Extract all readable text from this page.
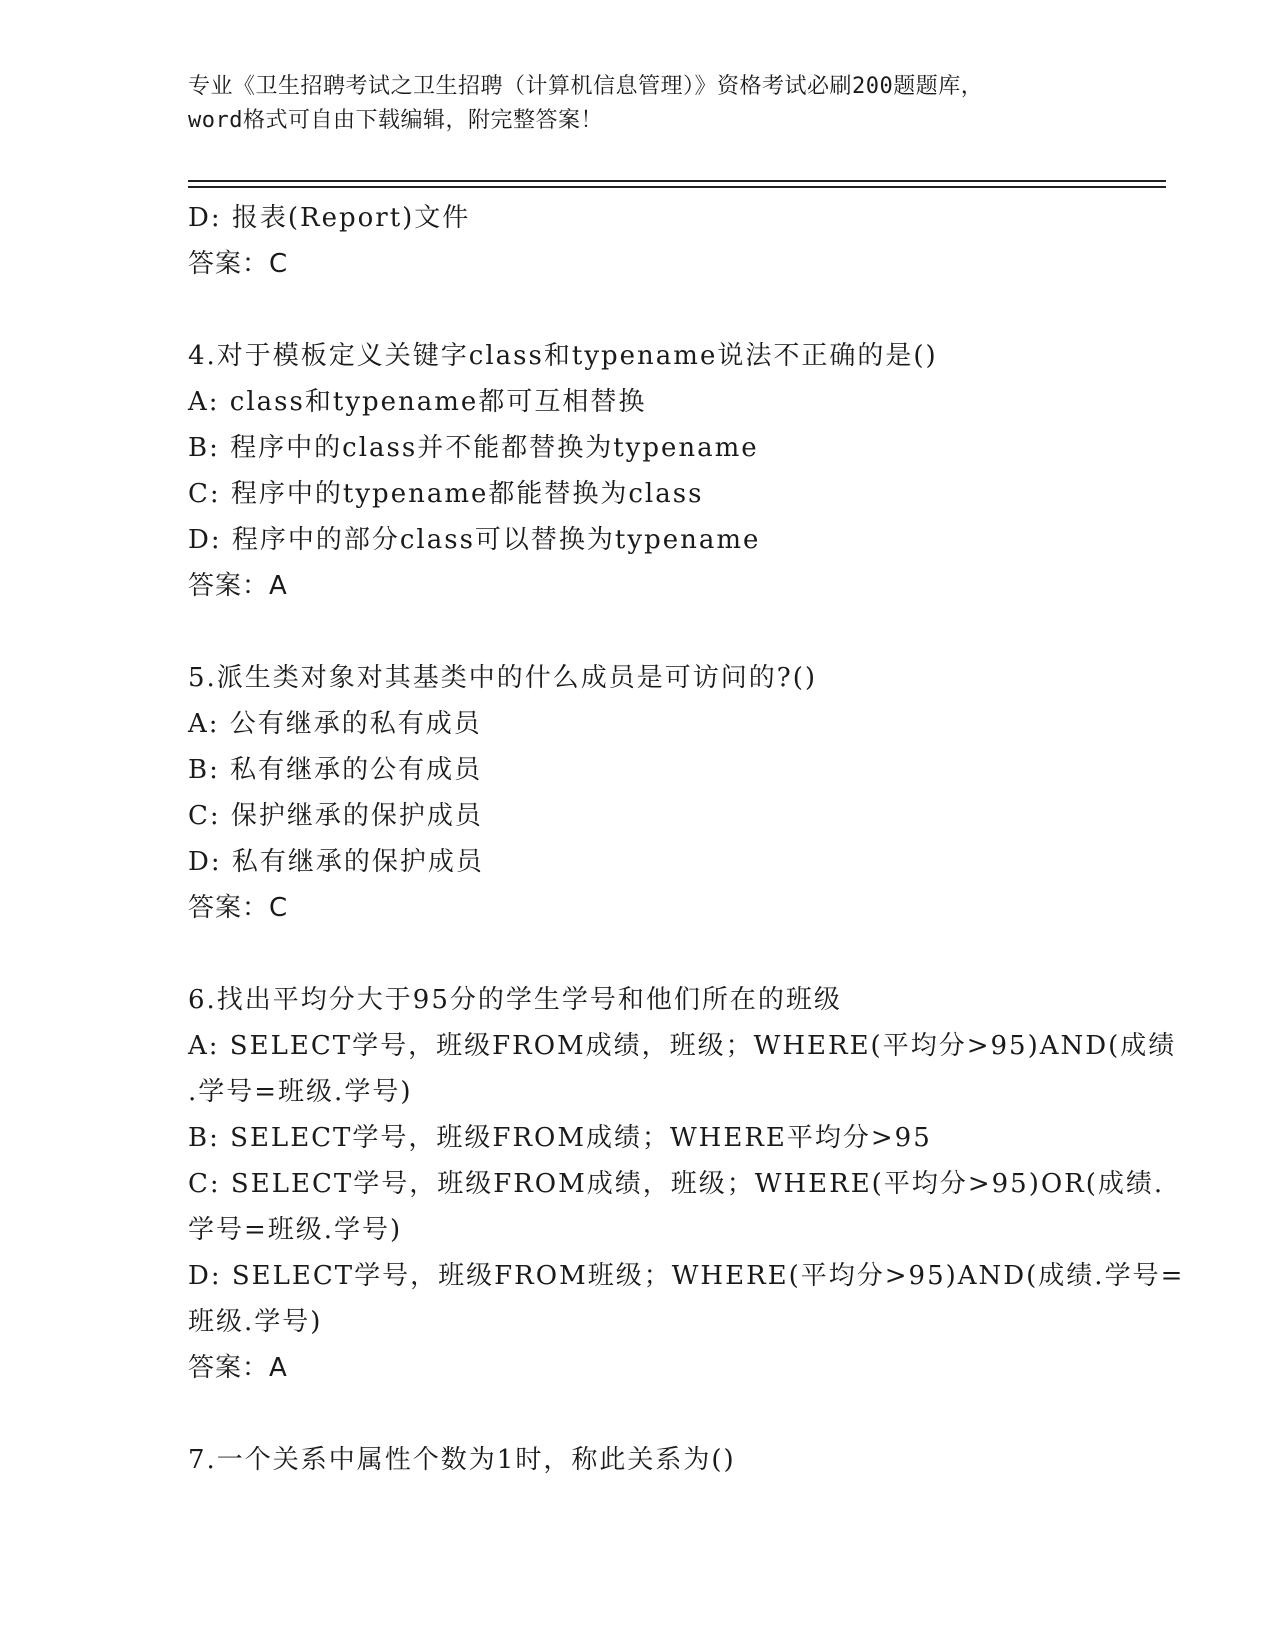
专业《卫生招聘考试之卫生招聘（计算机信息管理）》资格考试必刷200题题库，
word格式可自由下载编辑，附完整答案！
D: 报表(Report)文件
答案：C
4.对于模板定义关键字class和typename说法不正确的是()
A: class和typename都可互相替换
B: 程序中的class并不能都替换为typename
C: 程序中的typename都能替换为class
D: 程序中的部分class可以替换为typename
答案：A
5.派生类对象对其基类中的什么成员是可访问的?()
A: 公有继承的私有成员
B: 私有继承的公有成员
C: 保护继承的保护成员
D: 私有继承的保护成员
答案：C
6.找出平均分大于95分的学生学号和他们所在的班级
A: SELECT学号，班级FROM成绩，班级；WHERE(平均分>95)AND(成绩
.学号=班级.学号)
B: SELECT学号，班级FROM成绩；WHERE平均分>95
C: SELECT学号，班级FROM成绩，班级；WHERE(平均分>95)OR(成绩.
学号=班级.学号)
D: SELECT学号，班级FROM班级；WHERE(平均分>95)AND(成绩.学号=
班级.学号)
答案：A
7.一个关系中属性个数为1时，称此关系为()
